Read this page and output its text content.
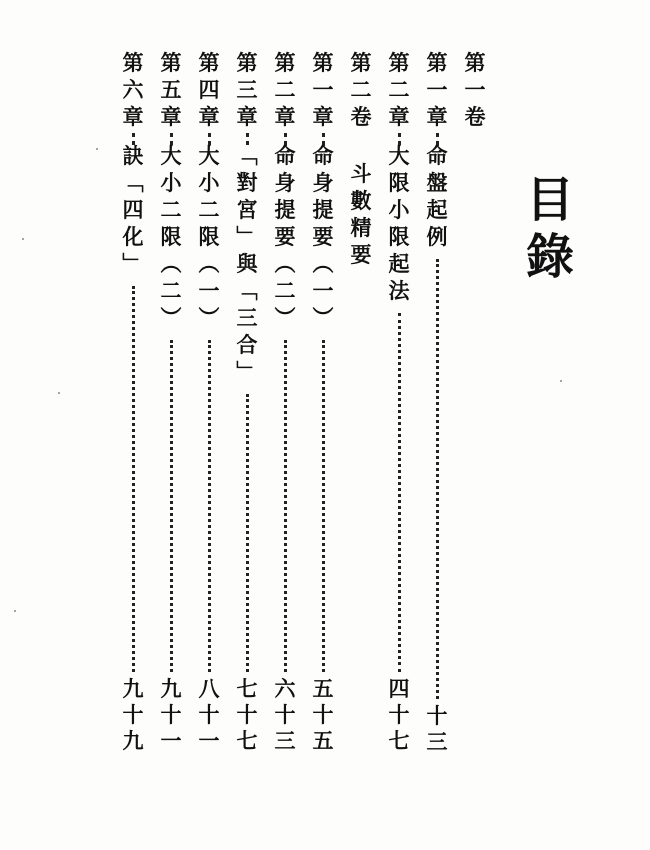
目
錄
第
一
卷
第
一
章
命
盤
起
例
十
三
第
二
章
大
限
小
限
起
法
四
十
七
第
二
卷
斗
數
精
要
第
一
章
命
身
提
要
︵
一
︶
五
十
五
第
二
章
命
身
提
要
︵
二
︶
六
十
三
第
三
章
﹁
對
宮
﹂
與
﹁
三
合
﹂
七
十
七
第
四
章
大
小
二
限
︵
一
︶
八
十
一
第
五
章
大
小
二
限
︵
二
︶
九
十
一
第
六
章
訣
﹁
四
化
﹂
九
十
九
